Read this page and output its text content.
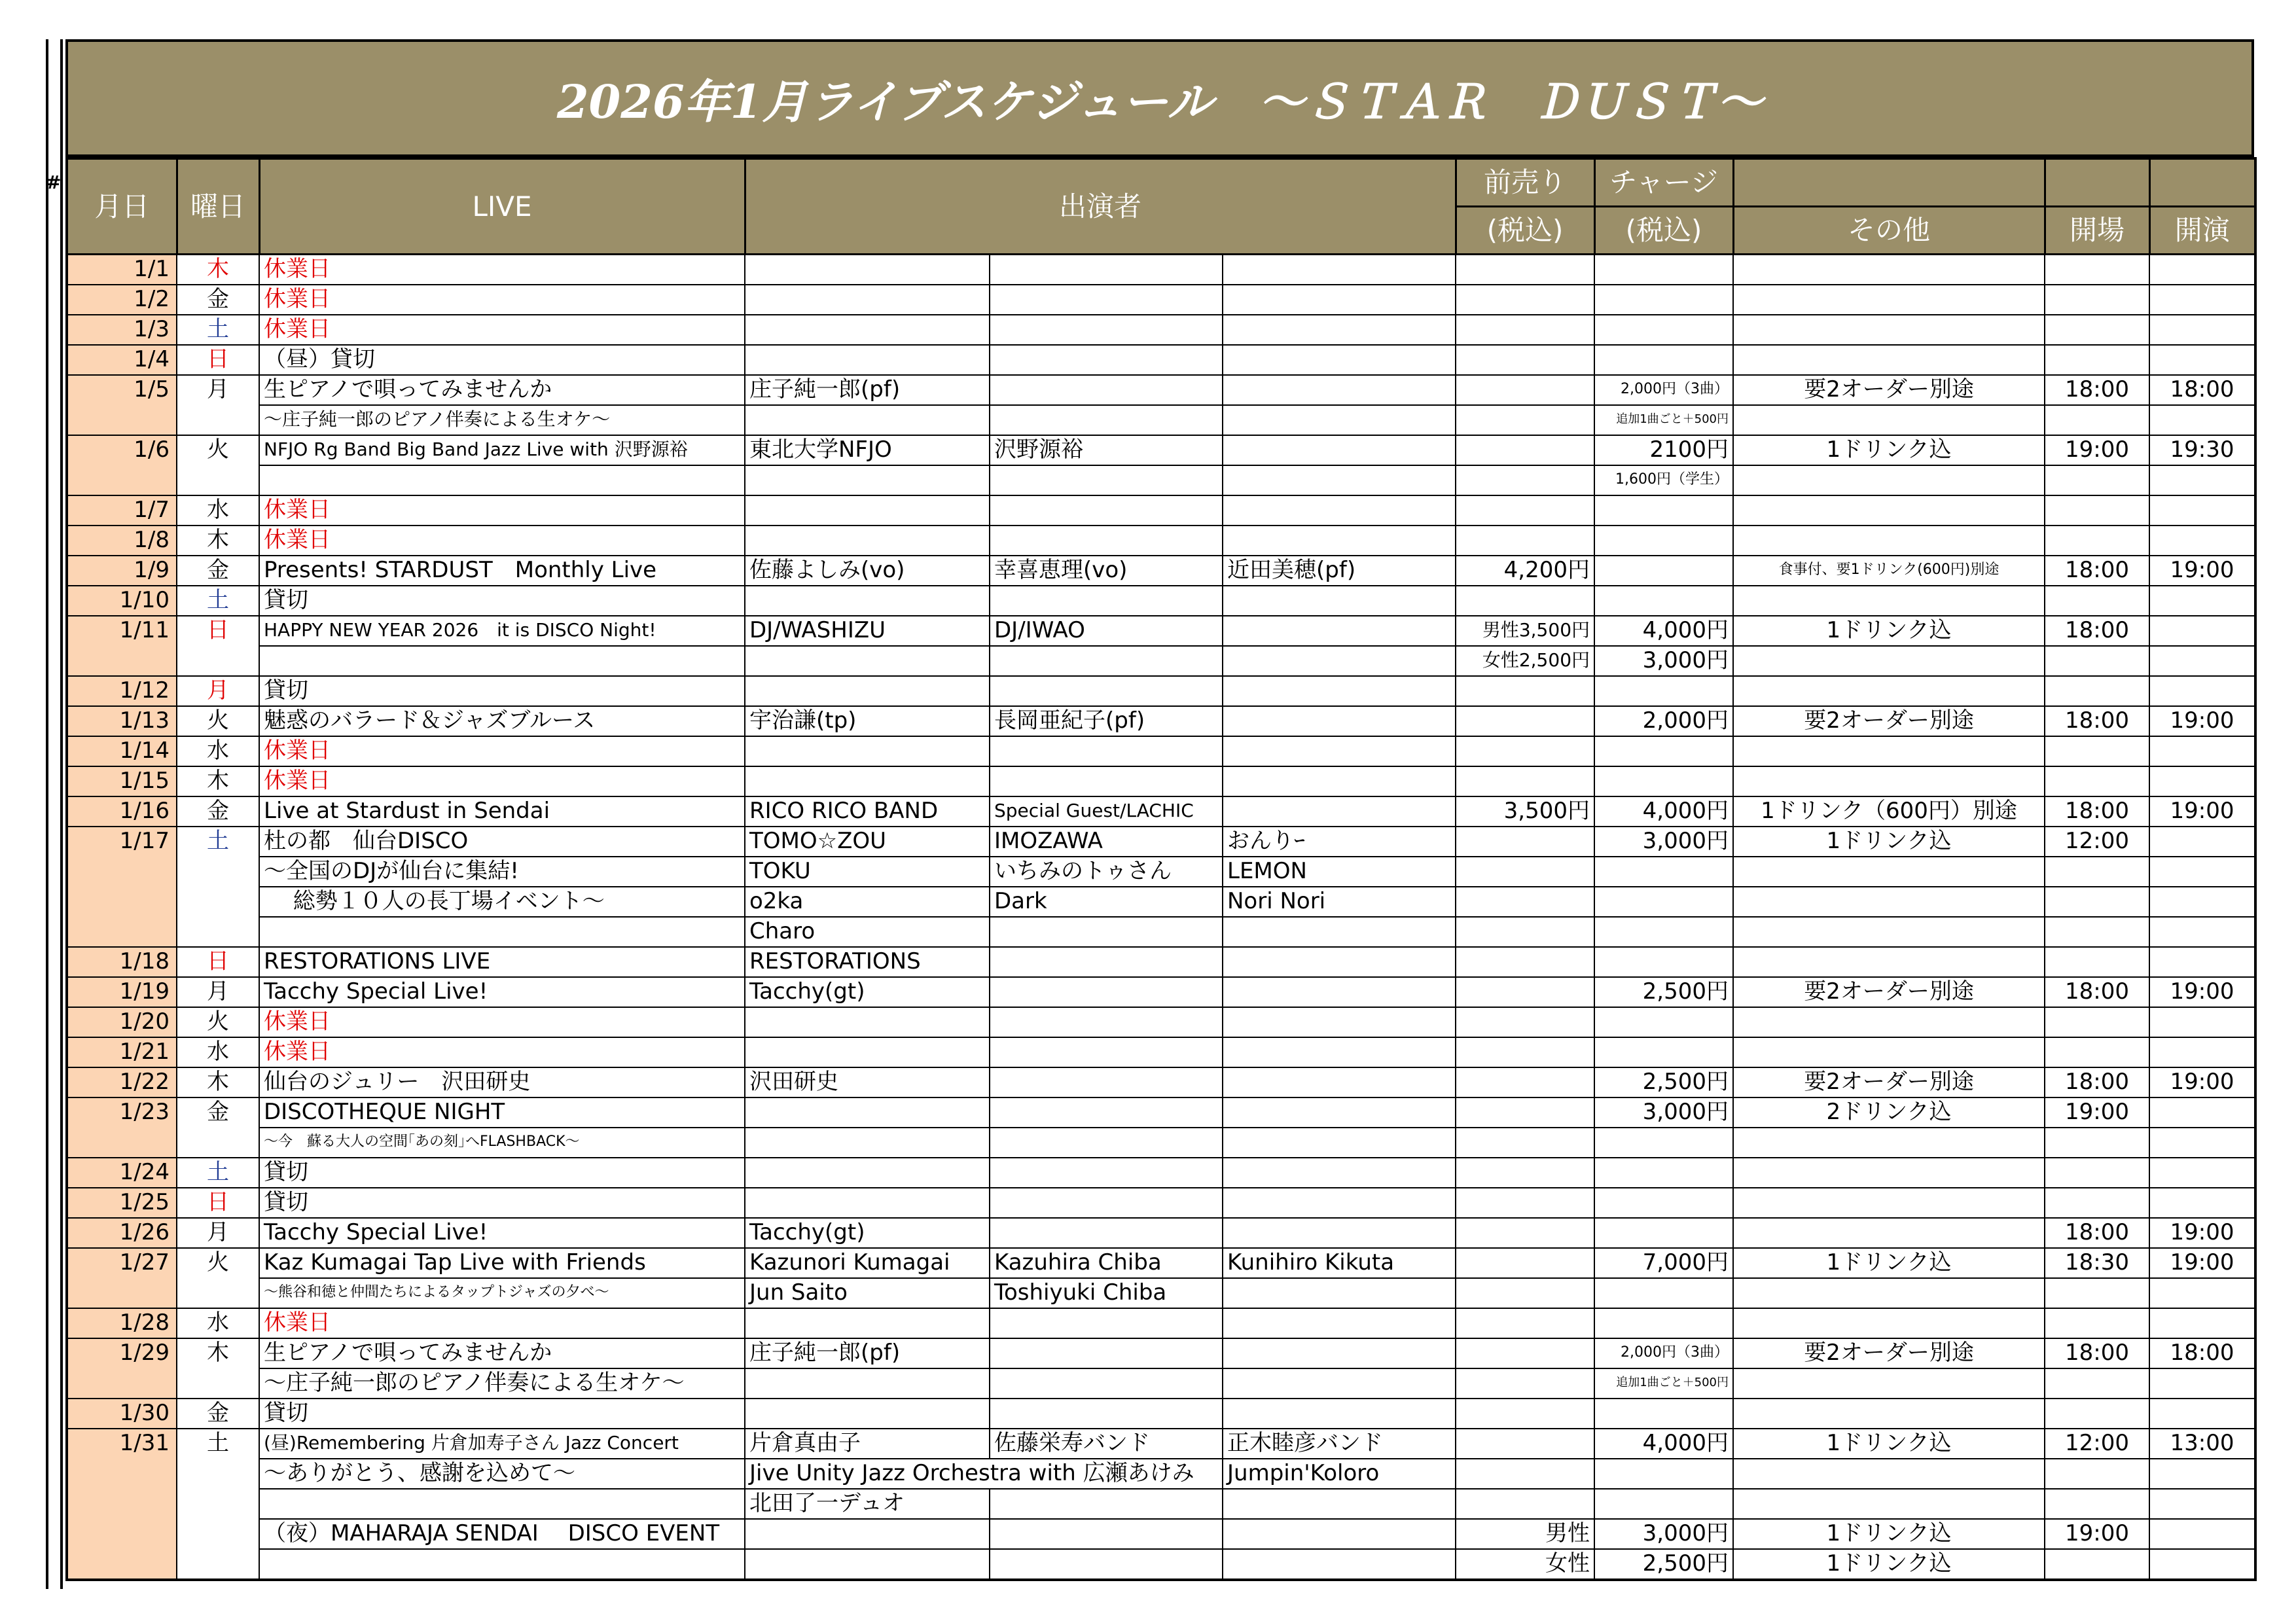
#
2026年1月ライブスケジュール　～ＳＴＡＲ　ＤＵＳＴ～
月日	曜日	LIVE	出演者			前売り	チャージ			
						(税込)	(税込)	その他	開場	開演
1/1	木	休業日								
1/2	金	休業日								
1/3	土	休業日								
1/4	日	（昼）貸切								
1/5	月	生ピアノで唄ってみませんか	庄子純一郎(pf)				2,000円（3曲）	要2オーダー別途	18:00	18:00
		～庄子純一郎のピアノ伴奏による生オケ～					追加1曲ごと＋500円			
1/6	火	NFJO Rg Band Big Band Jazz Live with 沢野源裕	東北大学NFJO	沢野源裕			2100円	1ドリンク込	19:00	19:30
							1,600円（学生）			
1/7	水	休業日								
1/8	木	休業日								
1/9	金	Presents! STARDUST　Monthly Live	佐藤よしみ(vo)	幸喜恵理(vo)	近田美穂(pf)	4,200円		食事付、要1ドリンク(600円)別途	18:00	19:00
1/10	土	貸切								
1/11	日	HAPPY NEW YEAR 2026　it is DISCO Night!	DJ/WASHIZU	DJ/IWAO		男性3,500円	4,000円	1ドリンク込	18:00	
						女性2,500円	3,000円			
1/12	月	貸切								
1/13	火	魅惑のバラード＆ジャズブルース	宇治謙(tp)	長岡亜紀子(pf)			2,000円	要2オーダー別途	18:00	19:00
1/14	水	休業日								
1/15	木	休業日								
1/16	金	Live at Stardust in Sendai	RICO RICO BAND	Special Guest/LACHIC		3,500円	4,000円	1ドリンク（600円）別途	18:00	19:00
1/17	土	杜の都　仙台DISCO	TOMO☆ZOU	IMOZAWA	おんりｰ		3,000円	1ドリンク込	12:00	
		～全国のDJが仙台に集結!	TOKU	いちみのトゥさん	LEMON					
		　 総勢１０人の長丁場イベント～	o2ka	Dark	Nori Nori					
			Charo							
1/18	日	RESTORATIONS LIVE	RESTORATIONS							
1/19	月	Tacchy Special Live!	Tacchy(gt)				2,500円	要2オーダー別途	18:00	19:00
1/20	火	休業日								
1/21	水	休業日								
1/22	木	仙台のジュリー　沢田研史	沢田研史				2,500円	要2オーダー別途	18:00	19:00
1/23	金	DISCOTHEQUE NIGHT					3,000円	2ドリンク込	19:00	
		～今　蘇る大人の空間｢あの刻｣へFLASHBACK～								
1/24	土	貸切								
1/25	日	貸切								
1/26	月	Tacchy Special Live!	Tacchy(gt)						18:00	19:00
1/27	火	Kaz Kumagai Tap Live with Friends	Kazunori Kumagai	Kazuhira Chiba	Kunihiro Kikuta		7,000円	1ドリンク込	18:30	19:00
		～熊谷和徳と仲間たちによるタップトジャズの夕べ～	Jun Saito	Toshiyuki Chiba						
1/28	水	休業日								
1/29	木	生ピアノで唄ってみませんか	庄子純一郎(pf)				2,000円（3曲）	要2オーダー別途	18:00	18:00
		～庄子純一郎のピアノ伴奏による生オケ～					追加1曲ごと＋500円			
1/30	金	貸切								
1/31	土	(昼)Remembering 片倉加寿子さん Jazz Concert	片倉真由子	佐藤栄寿バンド	正木睦彦バンド		4,000円	1ドリンク込	12:00	13:00
		～ありがとう、感謝を込めて～	Jive Unity Jazz Orchestra with 広瀬あけみ		Jumpin'Koloro					
			北田了一デュオ							
		（夜）MAHARAJA SENDAI　 DISCO EVENT				男性	3,000円	1ドリンク込	19:00	
						女性	2,500円	1ドリンク込		
